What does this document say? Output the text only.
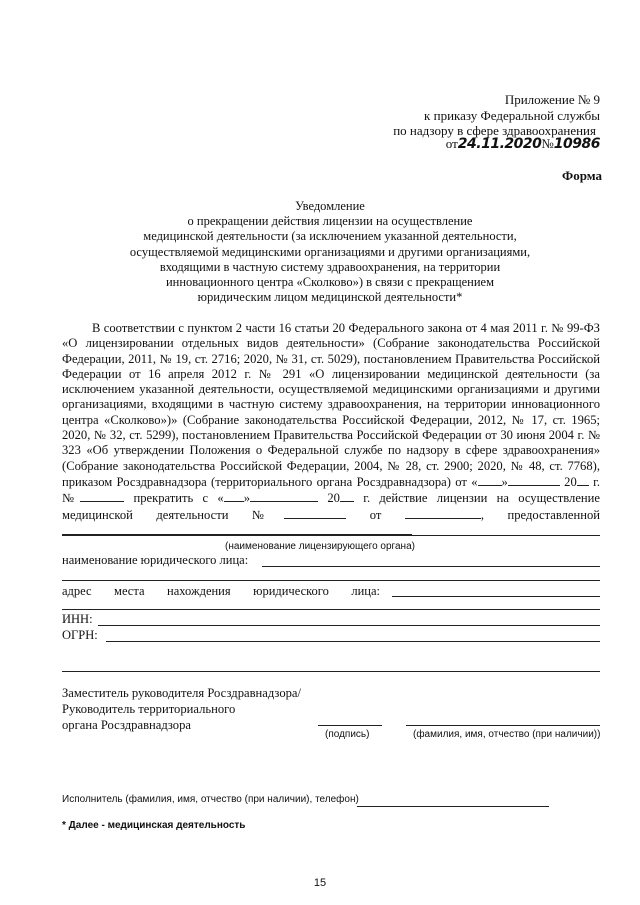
Приложение № 9
к приказу Федеральной службы
по надзору в сфере здравоохранения
от24.11.2020№10986
Форма
Уведомление
о прекращении действия лицензии на осуществление
медицинской деятельности (за исключением указанной деятельности,
осуществляемой медицинскими организациями и другими организациями,
входящими в частную систему здравоохранения, на территории
инновационного центра «Сколково») в связи с прекращением
юридическим лицом медицинской деятельности*

В соответствии с пунктом 2 части 16 статьи 20 Федерального закона от 4 мая 2011 г. № 99-ФЗ «О лицензировании отдельных видов деятельности» (Собрание законодательства Российской Федерации, 2011, № 19, ст. 2716; 2020, № 31, ст. 5029), постановлением Правительства Российской Федерации от 16 апреля 2012 г. № 291 «О лицензировании медицинской деятельности (за исключением указанной деятельности, осуществляемой медицинскими организациями и другими организациями, входящими в частную систему здравоохранения, на территории инновационного центра «Сколково»)» (Собрание законодательства Российской Федерации, 2012, № 17, ст. 1965; 2020, № 32, ст. 5299), постановлением Правительства Российской Федерации от 30 июня 2004 г. № 323 «Об утверждении Положения о Федеральной службе по надзору в сфере здравоохранения» (Собрание законодательства Российской Федерации, 2004, № 28, ст. 2900; 2020, № 48, ст. 7768), приказом Росздравнадзора (территориального органа Росздравнадзора) от « »	20 г. №	прекратить с « »	20 г. действие лицензии на осуществление медицинской деятельности №	от	, предоставленной

(наименование лицензирующего органа)
наименование юридического лица:
адрес места нахождения юридического лица:
ИНН:
ОГРН:
Заместитель руководителя Росздравнадзора/
Руководитель территориального
органа Росздравнадзора
(подпись)	(фамилия, имя, отчество (при наличии))
Исполнитель (фамилия, имя, отчество (при наличии), телефон)
* Далее - медицинская деятельность
15
